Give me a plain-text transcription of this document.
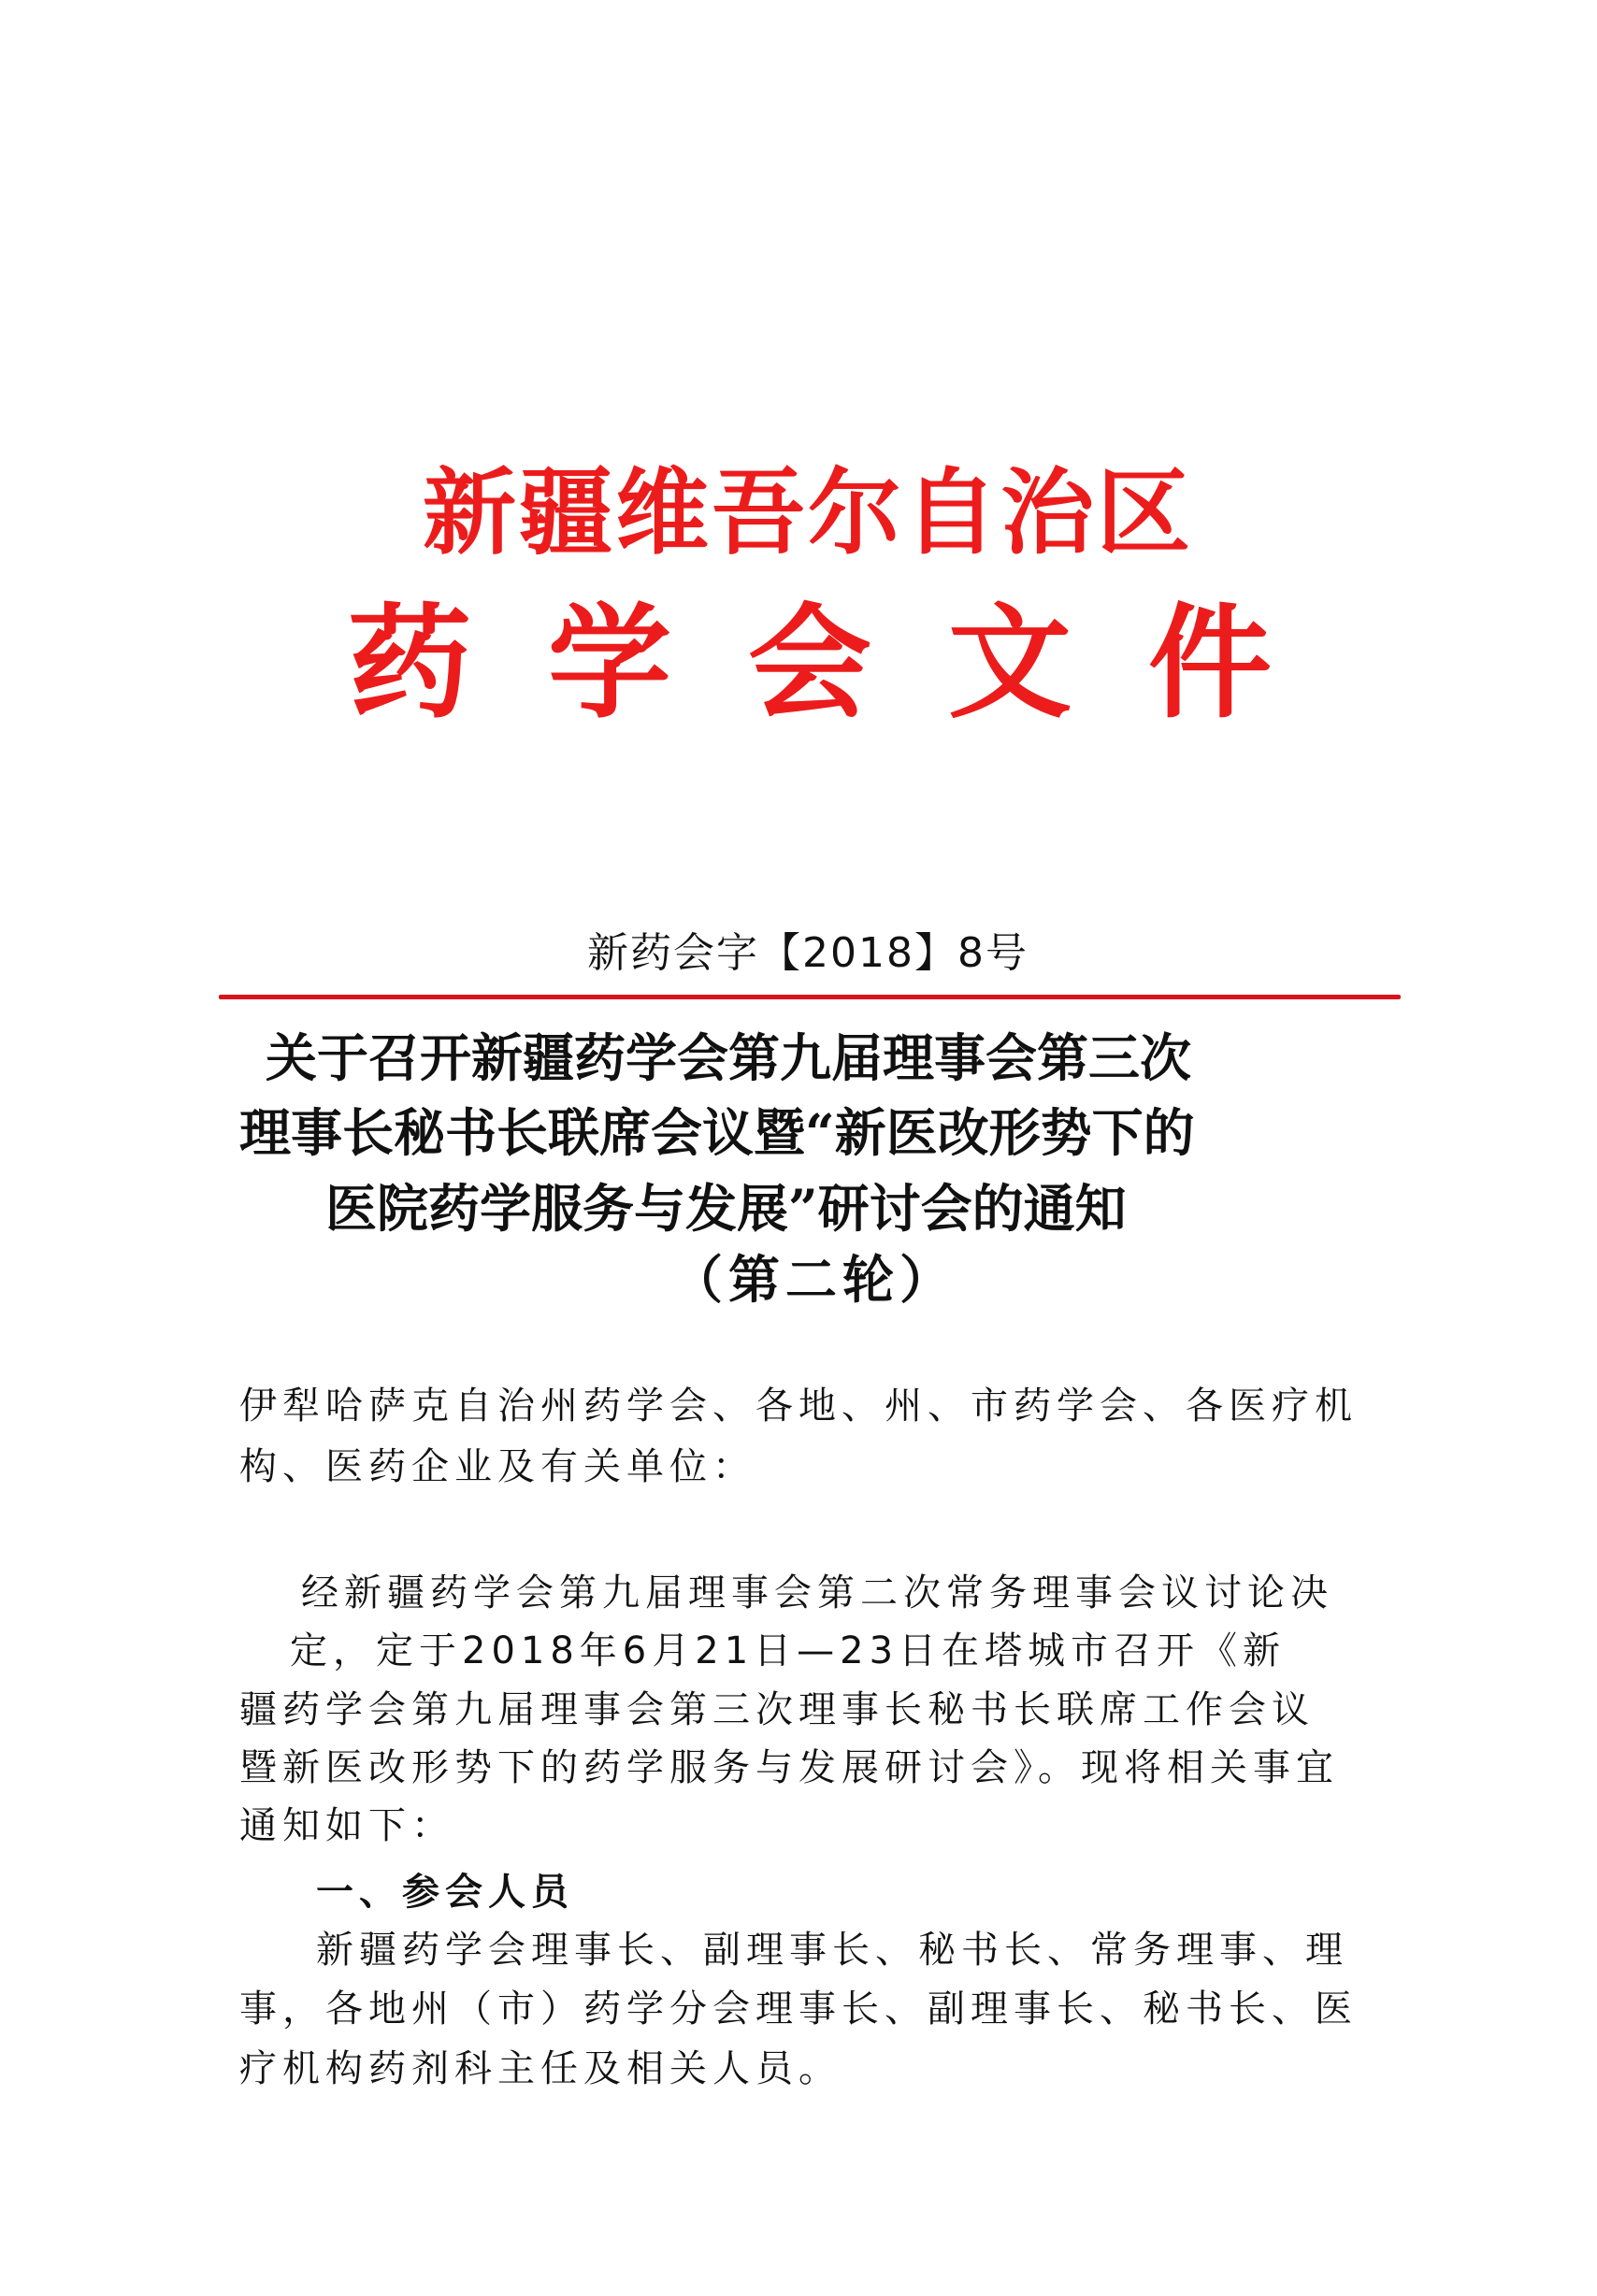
新疆维吾尔自治区
药学会文件
新药会字【2018】8号
关于召开新疆药学会第九届理事会第三次
理事长秘书长联席会议暨“新医改形势下的
医院药学服务与发展”研讨会的通知
（第二轮）
伊犁哈萨克自治州药学会、各地、州、市药学会、各医疗机
构、医药企业及有关单位：
经新疆药学会第九届理事会第二次常务理事会议讨论决
定，定于2018年6月21日—23日在塔城市召开《新
疆药学会第九届理事会第三次理事长秘书长联席工作会议
暨新医改形势下的药学服务与发展研讨会》。现将相关事宜
通知如下：
一、参会人员
新疆药学会理事长、副理事长、秘书长、常务理事、理
事，各地州（市）药学分会理事长、副理事长、秘书长、医
疗机构药剂科主任及相关人员。
